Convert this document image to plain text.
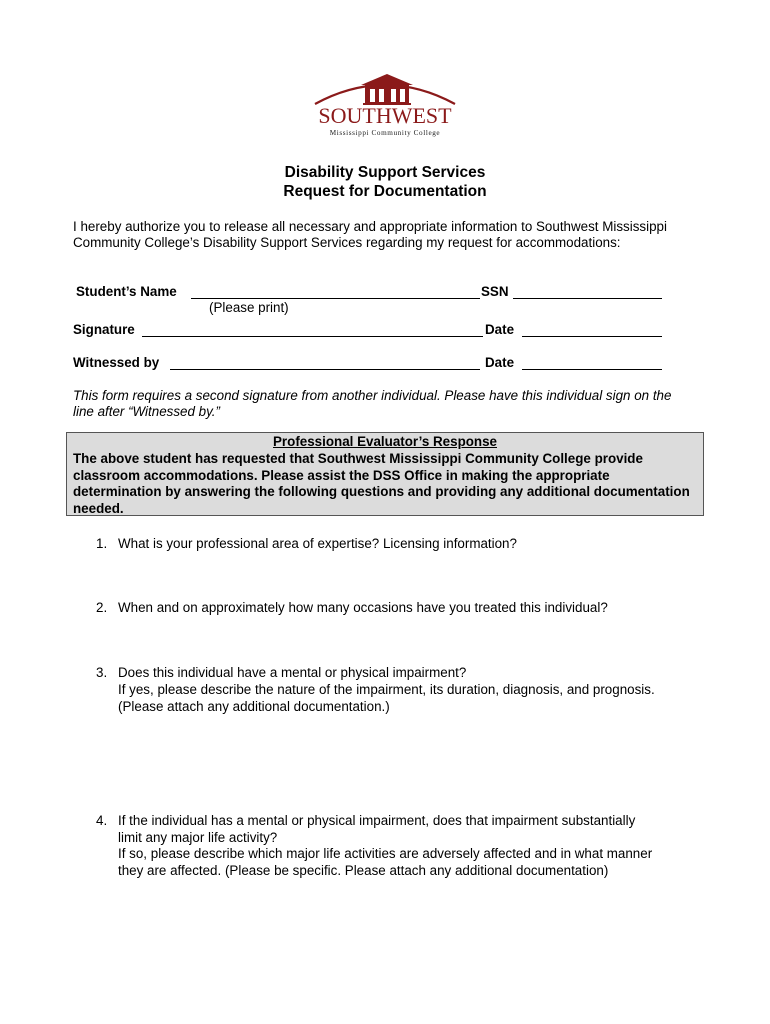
SOUTHWEST
Mississippi Community College
Disability Support Services
Request for Documentation
I hereby authorize you to release all necessary and appropriate information to Southwest Mississippi Community College’s Disability Support Services regarding my request for accommodations:
Student’s Name	SSN
(Please print)
Signature	Date
Witnessed by	Date
This form requires a second signature from another individual. Please have this individual sign on the line after “Witnessed by.”
Professional Evaluator’s Response
The above student has requested that Southwest Mississippi Community College provide classroom accommodations. Please assist the DSS Office in making the appropriate determination by answering the following questions and providing any additional documentation needed.
1. What is your professional area of expertise? Licensing information?
2. When and on approximately how many occasions have you treated this individual?
3. Does this individual have a mental or physical impairment?
If yes, please describe the nature of the impairment, its duration, diagnosis, and prognosis. (Please attach any additional documentation.)
4. If the individual has a mental or physical impairment, does that impairment substantially limit any major life activity?
If so, please describe which major life activities are adversely affected and in what manner they are affected. (Please be specific. Please attach any additional documentation)
